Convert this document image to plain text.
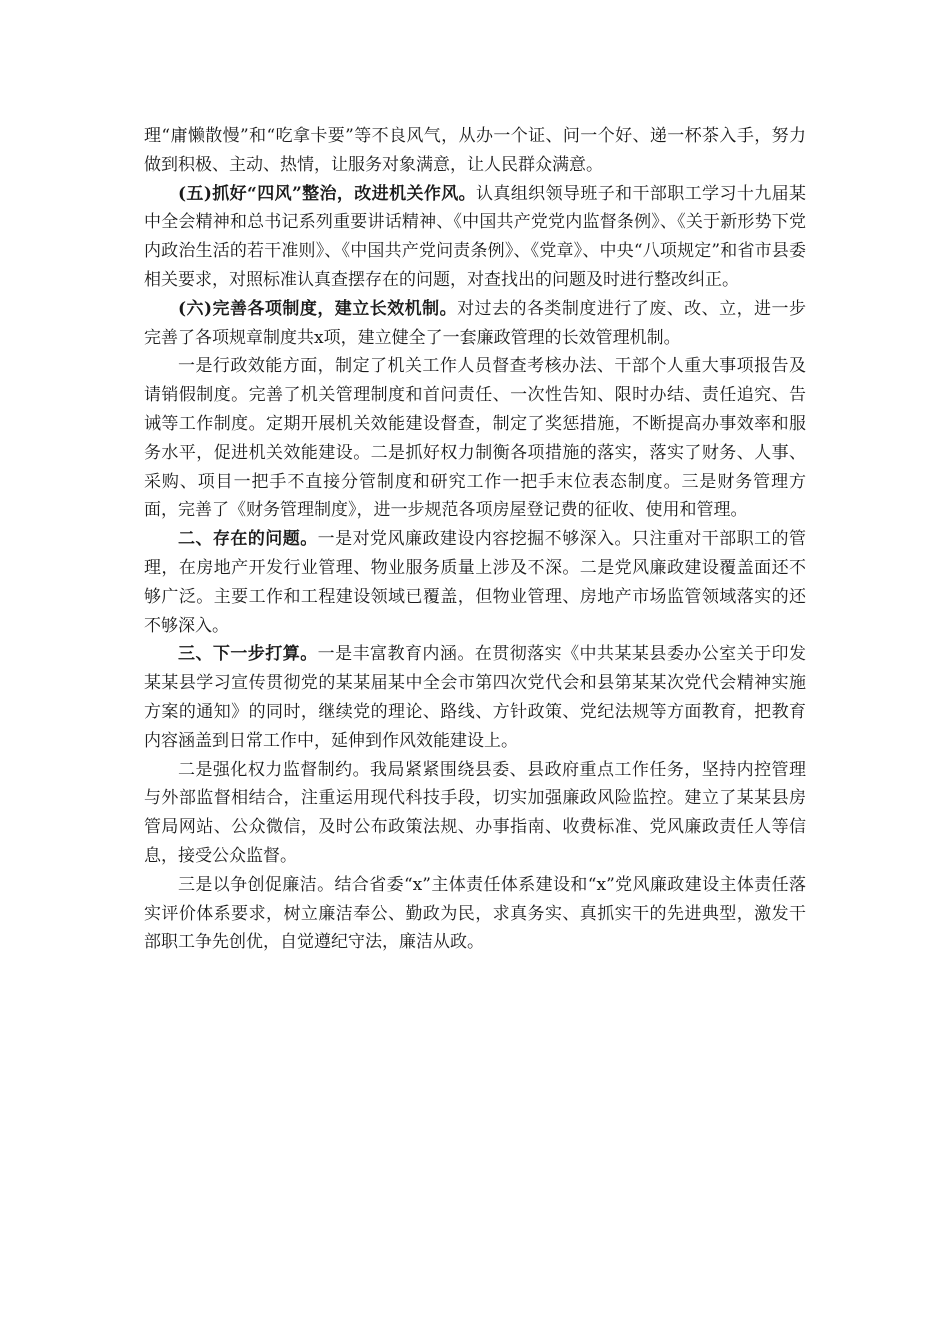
理“庸懒散慢”和“吃拿卡要”等不良风气，从办一个证、问一个好、递一杯茶入手，努力做到积极、主动、热情，让服务对象满意，让人民群众满意。

(五)抓好“四风”整治，改进机关作风。认真组织领导班子和干部职工学习十九届某中全会精神和总书记系列重要讲话精神、《中国共产党党内监督条例》、《关于新形势下党内政治生活的若干准则》、《中国共产党问责条例》、《党章》、中央“八项规定”和省市县委相关要求，对照标准认真查摆存在的问题，对查找出的问题及时进行整改纠正。

(六)完善各项制度，建立长效机制。对过去的各类制度进行了废、改、立，进一步完善了各项规章制度共x项，建立健全了一套廉政管理的长效管理机制。

一是行政效能方面，制定了机关工作人员督查考核办法、干部个人重大事项报告及请销假制度。完善了机关管理制度和首问责任、一次性告知、限时办结、责任追究、告诫等工作制度。定期开展机关效能建设督查，制定了奖惩措施，不断提高办事效率和服务水平，促进机关效能建设。二是抓好权力制衡各项措施的落实，落实了财务、人事、采购、项目一把手不直接分管制度和研究工作一把手末位表态制度。三是财务管理方面，完善了《财务管理制度》，进一步规范各项房屋登记费的征收、使用和管理。

二、存在的问题。一是对党风廉政建设内容挖掘不够深入。只注重对干部职工的管理，在房地产开发行业管理、物业服务质量上涉及不深。二是党风廉政建设覆盖面还不够广泛。主要工作和工程建设领域已覆盖，但物业管理、房地产市场监管领域落实的还不够深入。

三、下一步打算。一是丰富教育内涵。在贯彻落实《中共某某县委办公室关于印发某某县学习宣传贯彻党的某某届某中全会市第四次党代会和县第某某次党代会精神实施方案的通知》的同时，继续党的理论、路线、方针政策、党纪法规等方面教育，把教育内容涵盖到日常工作中，延伸到作风效能建设上。

二是强化权力监督制约。我局紧紧围绕县委、县政府重点工作任务，坚持内控管理与外部监督相结合，注重运用现代科技手段，切实加强廉政风险监控。建立了某某县房管局网站、公众微信，及时公布政策法规、办事指南、收费标准、党风廉政责任人等信息，接受公众监督。

三是以争创促廉洁。结合省委“x”主体责任体系建设和“x”党风廉政建设主体责任落实评价体系要求，树立廉洁奉公、勤政为民，求真务实、真抓实干的先进典型，激发干部职工争先创优，自觉遵纪守法，廉洁从政。
